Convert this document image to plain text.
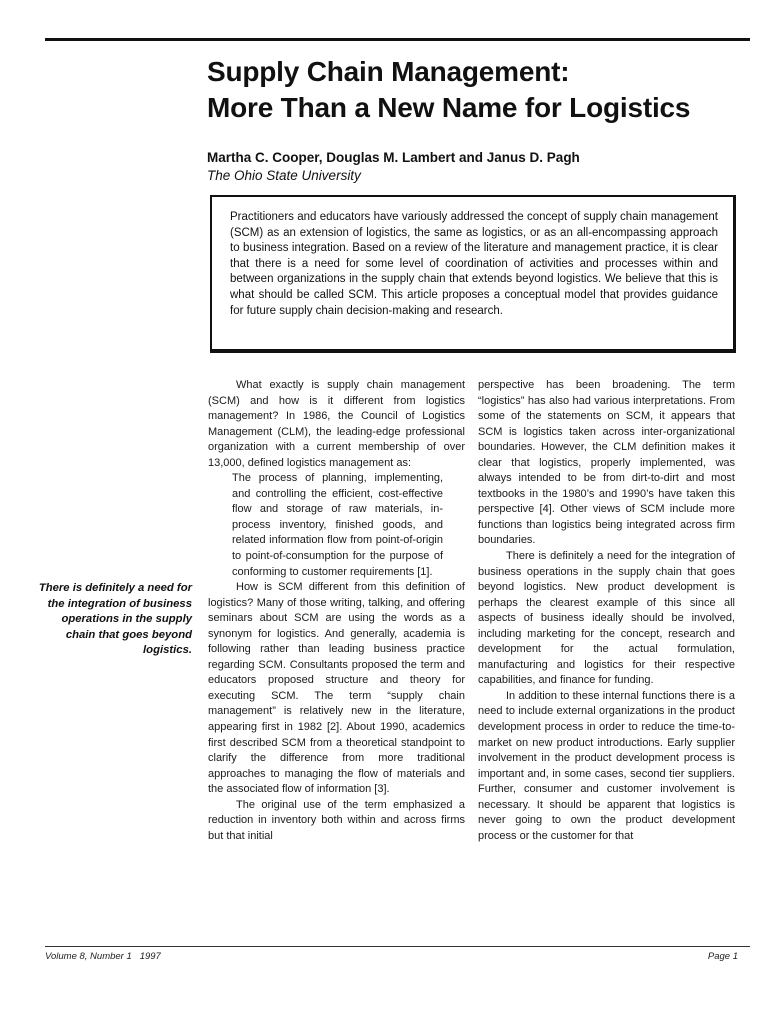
Supply Chain Management:
More Than a New Name for Logistics
Martha C. Cooper, Douglas M. Lambert and Janus D. Pagh
The Ohio State University
Practitioners and educators have variously addressed the concept of supply chain management (SCM) as an extension of logistics, the same as logistics, or as an all-encompassing approach to business integration. Based on a review of the literature and management practice, it is clear that there is a need for some level of coordination of activities and processes within and between organizations in the supply chain that extends beyond logistics. We believe that this is what should be called SCM. This article proposes a conceptual model that provides guidance for future supply chain decision-making and research.
There is definitely a need for the integration of business operations in the supply chain that goes beyond logistics.

What exactly is supply chain management (SCM) and how is it different from logistics management? In 1986, the Council of Logistics Management (CLM), the leading-edge professional organization with a current membership of over 13,000, defined logistics management as:

The process of planning, implementing, and controlling the efficient, cost-effective flow and storage of raw materials, in-process inventory, finished goods, and related information flow from point-of-origin to point-of-consumption for the purpose of conforming to customer requirements [1].

How is SCM different from this definition of logistics? Many of those writing, talking, and offering seminars about SCM are using the words as a synonym for logistics. And generally, academia is following rather than leading business practice regarding SCM. Consultants proposed the term and educators proposed structure and theory for executing SCM. The term “supply chain management” is relatively new in the literature, appearing first in 1982 [2]. About 1990, academics first described SCM from a theoretical standpoint to clarify the difference from more traditional approaches to managing the flow of materials and the associated flow of information [3].

The original use of the term emphasized a reduction in inventory both within and across firms but that initial

perspective has been broadening. The term “logistics” has also had various interpretations. From some of the statements on SCM, it appears that SCM is logistics taken across inter-organizational boundaries. However, the CLM definition makes it clear that logistics, properly implemented, was always intended to be from dirt-to-dirt and most textbooks in the 1980’s and 1990’s have taken this perspective [4]. Other views of SCM include more functions than logistics being integrated across firm boundaries.

There is definitely a need for the integration of business operations in the supply chain that goes beyond logistics. New product development is perhaps the clearest example of this since all aspects of business ideally should be involved, including marketing for the concept, research and development for the actual formulation, manufacturing and logistics for their respective capabilities, and finance for funding.

In addition to these internal functions there is a need to include external organizations in the product development process in order to reduce the time-to-market on new product introductions. Early supplier involvement in the product development process is important and, in some cases, second tier suppliers. Further, consumer and customer involvement is necessary. It should be apparent that logistics is never going to own the product development process or the customer for that

Volume 8, Number 1 1997	Page 1
